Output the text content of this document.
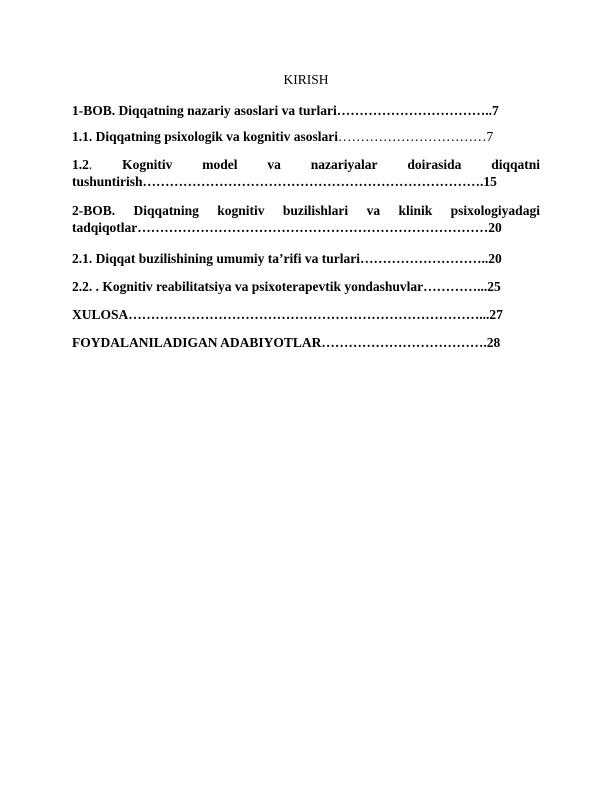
KIRISH
1-BOB. Diqqatning nazariy asoslari va turlari……………………………..7
1.1. Diqqatning psixologik va kognitiv asoslari……………………………7
1.2. Kognitiv model va nazariyalar doirasida diqqatni
tushuntirish………………………………………………………………….15
2-BOB. Diqqatning kognitiv buzilishlari va klinik psixologiyadagi
tadqiqotlar……………………………………………………………………20
2.1. Diqqat buzilishining umumiy ta’rifi va turlari………………………..20
2.2. . Kognitiv reabilitatsiya va psixoterapevtik yondashuvlar…………...25
XULOSA……………………………………………………………………...27
FOYDALANILADIGAN ADABIYOTLAR……………………………….28
